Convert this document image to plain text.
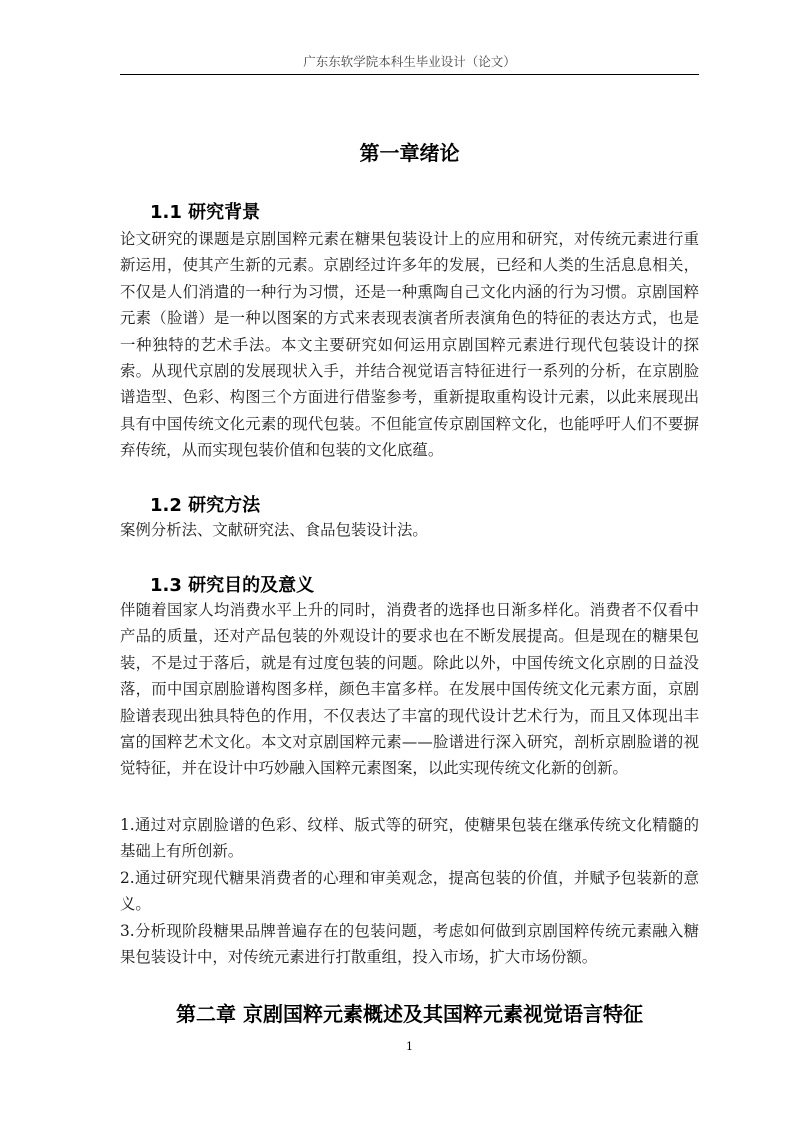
广东东软学院本科生毕业设计（论文）
第一章绪论
1.1 研究背景

论文研究的课题是京剧国粹元素在糖果包装设计上的应用和研究，对传统元素进行重新运用，使其产生新的元素。京剧经过许多年的发展，已经和人类的生活息息相关，不仅是人们消遣的一种行为习惯，还是一种熏陶自己文化内涵的行为习惯。京剧国粹元素（脸谱）是一种以图案的方式来表现表演者所表演角色的特征的表达方式，也是一种独特的艺术手法。本文主要研究如何运用京剧国粹元素进行现代包装设计的探索。从现代京剧的发展现状入手，并结合视觉语言特征进行一系列的分析，在京剧脸谱造型、色彩、构图三个方面进行借鉴参考，重新提取重构设计元素，以此来展现出具有中国传统文化元素的现代包装。不但能宣传京剧国粹文化，也能呼吁人们不要摒弃传统，从而实现包装价值和包装的文化底蕴。

1.2 研究方法

案例分析法、文献研究法、食品包装设计法。

1.3 研究目的及意义

伴随着国家人均消费水平上升的同时，消费者的选择也日渐多样化。消费者不仅看中产品的质量，还对产品包装的外观设计的要求也在不断发展提高。但是现在的糖果包装，不是过于落后，就是有过度包装的问题。除此以外，中国传统文化京剧的日益没落，而中国京剧脸谱构图多样，颜色丰富多样。在发展中国传统文化元素方面，京剧脸谱表现出独具特色的作用，不仅表达了丰富的现代设计艺术行为，而且又体现出丰富的国粹艺术文化。本文对京剧国粹元素——脸谱进行深入研究，剖析京剧脸谱的视觉特征，并在设计中巧妙融入国粹元素图案，以此实现传统文化新的创新。

1.通过对京剧脸谱的色彩、纹样、版式等的研究，使糖果包装在继承传统文化精髓的基础上有所创新。

2.通过研究现代糖果消费者的心理和审美观念，提高包装的价值，并赋予包装新的意义。

3.分析现阶段糖果品牌普遍存在的包装问题，考虑如何做到京剧国粹传统元素融入糖果包装设计中，对传统元素进行打散重组，投入市场，扩大市场份额。

第二章 京剧国粹元素概述及其国粹元素视觉语言特征
1
